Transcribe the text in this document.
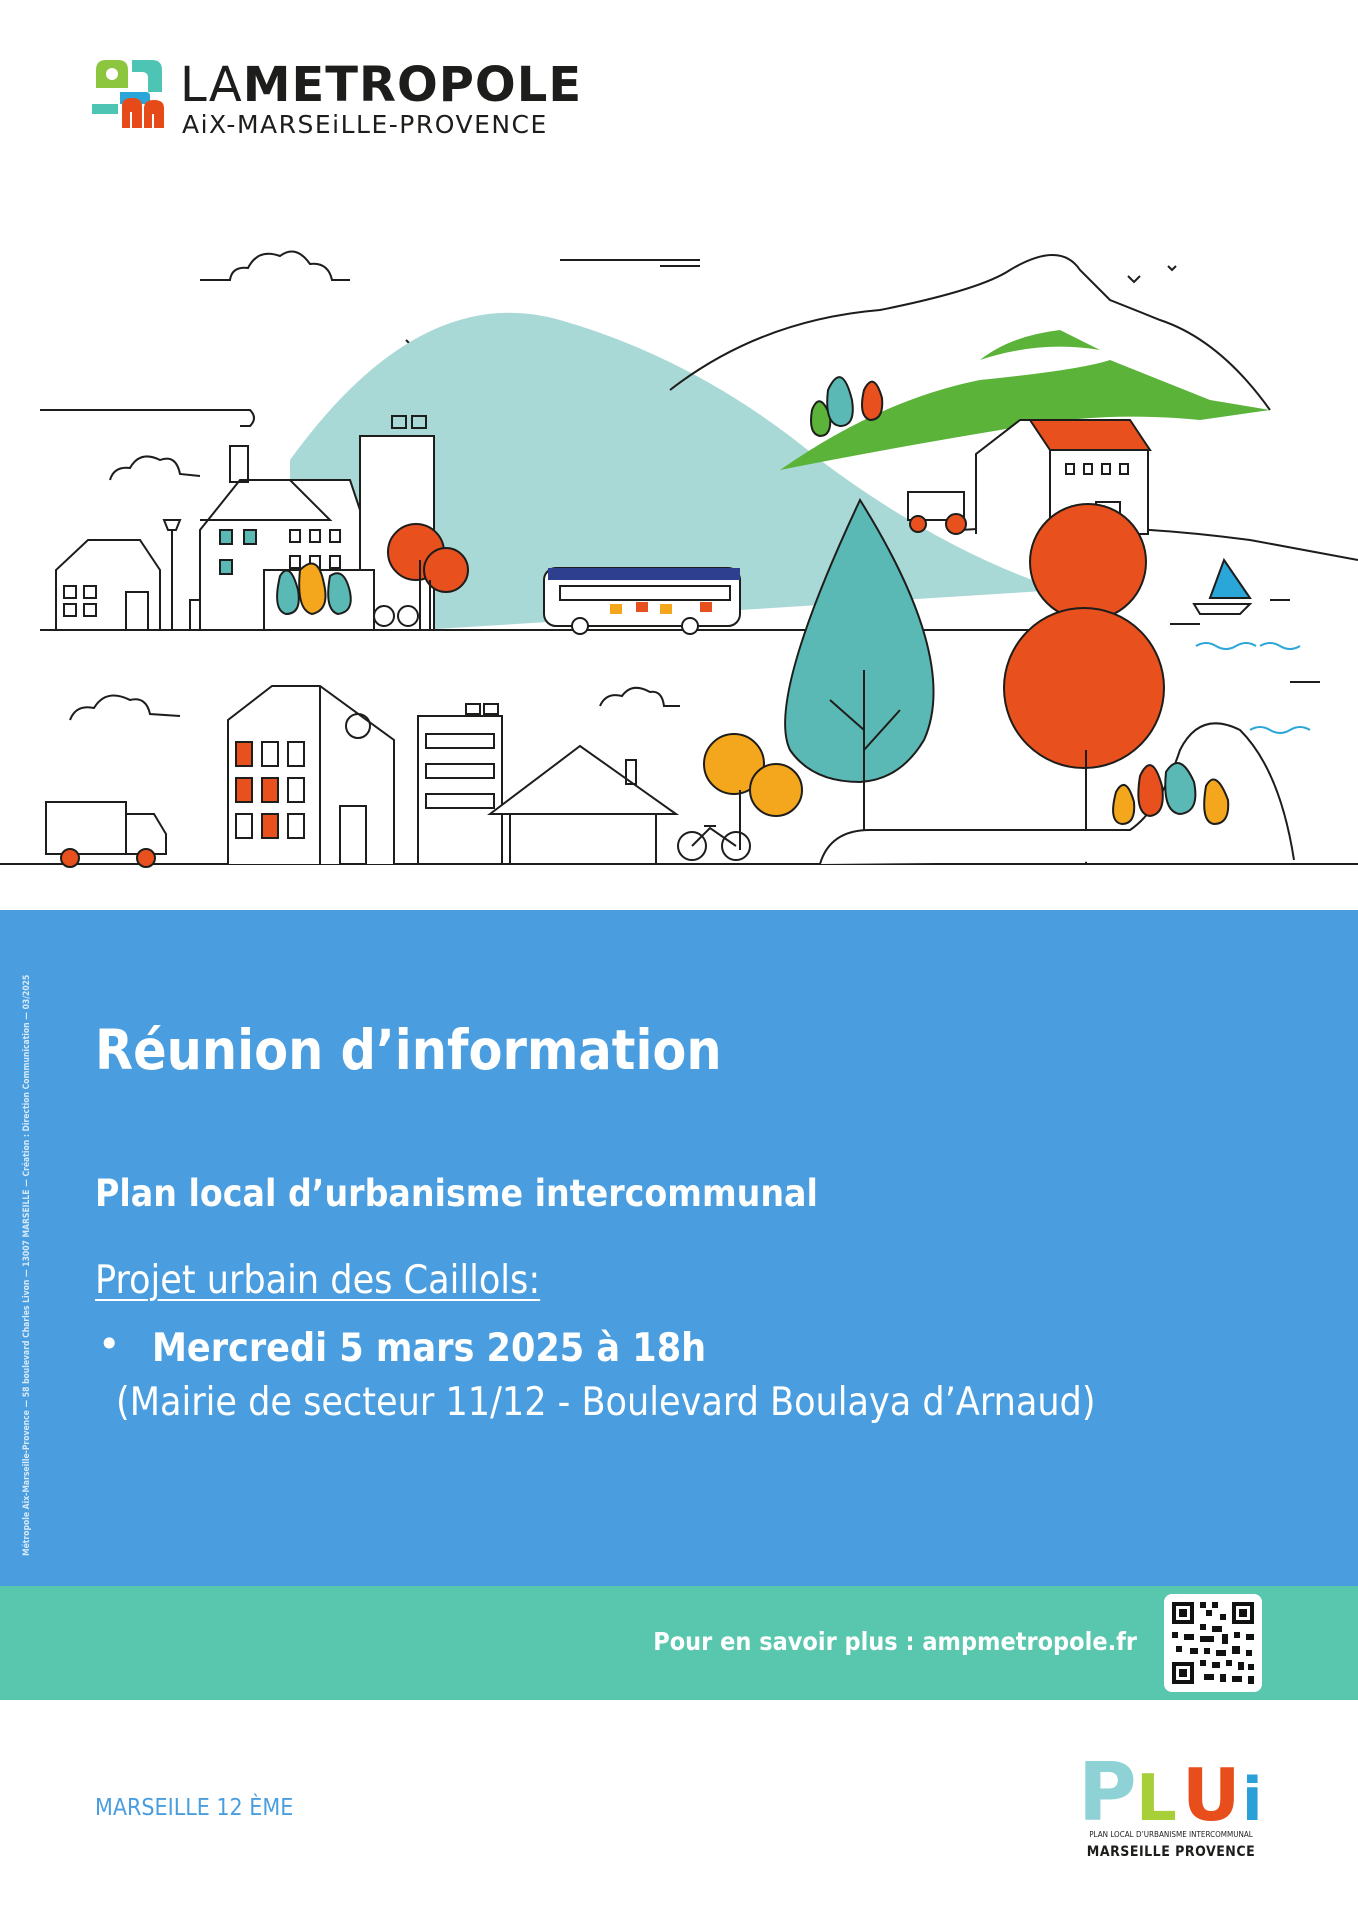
LAMETROPOLE
AiX-MARSEiLLE-PROVENCE
Métropole Aix-Marseille-Provence — 58 boulevard Charles Livon — 13007 MARSEILLE — Création : Direction Communication — 03/2025 Réunion d’information
Plan local d’urbanisme intercommunal
Projet urbain des Caillols:
• Mercredi 5 mars 2025 à 18h
(Mairie de secteur 11/12 - Boulevard Boulaya d’Arnaud)
Pour en savoir plus : ampmetropole.fr
MARSEILLE 12 ÈME	P L U i
PLAN LOCAL D’URBANISME INTERCOMMUNAL
MARSEILLE PROVENCE
